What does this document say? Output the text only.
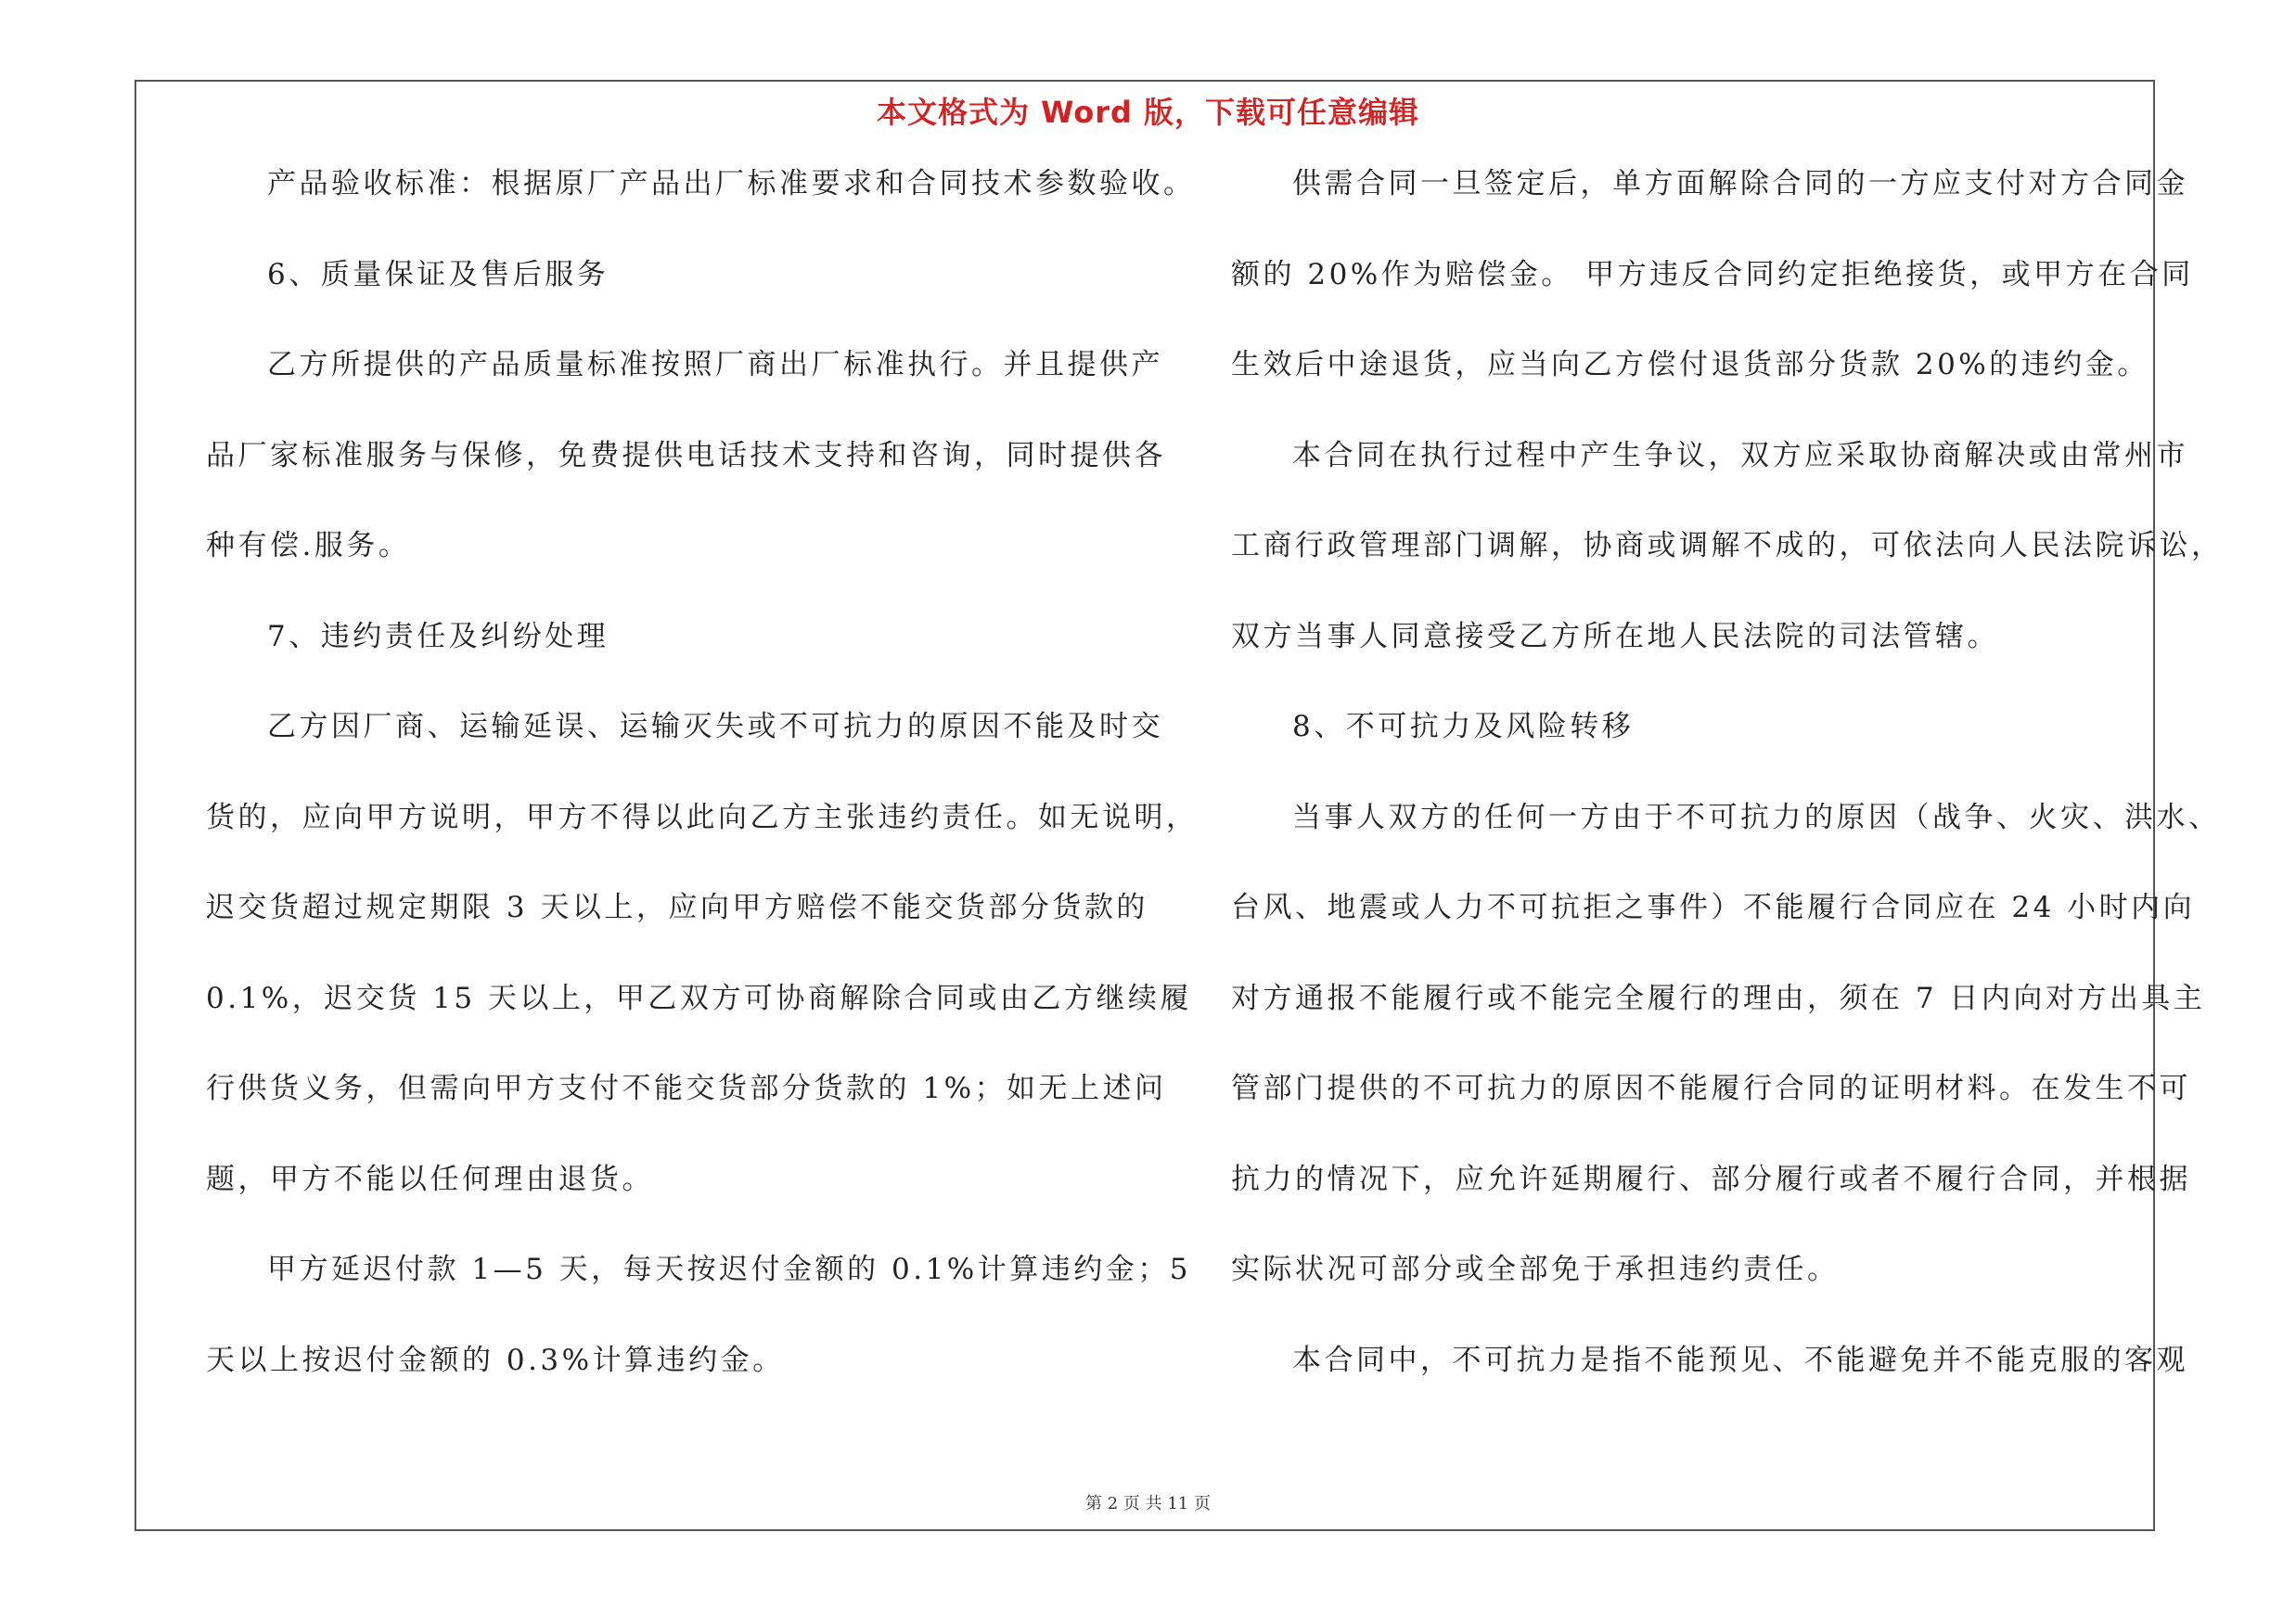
本文格式为 Word 版，下载可任意编辑
产品验收标准：根据原厂产品出厂标准要求和合同技术参数验收。
6、质量保证及售后服务
乙方所提供的产品质量标准按照厂商出厂标准执行。并且提供产
品厂家标准服务与保修，免费提供电话技术支持和咨询，同时提供各
种有偿.服务。
7、违约责任及纠纷处理
乙方因厂商、运输延误、运输灭失或不可抗力的原因不能及时交
货的，应向甲方说明，甲方不得以此向乙方主张违约责任。如无说明，
迟交货超过规定期限 3 天以上，应向甲方赔偿不能交货部分货款的
0.1%，迟交货 15 天以上，甲乙双方可协商解除合同或由乙方继续履
行供货义务，但需向甲方支付不能交货部分货款的 1%；如无上述问
题，甲方不能以任何理由退货。
甲方延迟付款 1—5 天，每天按迟付金额的 0.1%计算违约金；5
天以上按迟付金额的 0.3%计算违约金。
供需合同一旦签定后，单方面解除合同的一方应支付对方合同金
额的 20%作为赔偿金。 甲方违反合同约定拒绝接货，或甲方在合同
生效后中途退货，应当向乙方偿付退货部分货款 20%的违约金。
本合同在执行过程中产生争议，双方应采取协商解决或由常州市
工商行政管理部门调解，协商或调解不成的，可依法向人民法院诉讼，
双方当事人同意接受乙方所在地人民法院的司法管辖。
8、不可抗力及风险转移
当事人双方的任何一方由于不可抗力的原因（战争、火灾、洪水、
台风、地震或人力不可抗拒之事件）不能履行合同应在 24 小时内向
对方通报不能履行或不能完全履行的理由，须在 7 日内向对方出具主
管部门提供的不可抗力的原因不能履行合同的证明材料。在发生不可
抗力的情况下，应允许延期履行、部分履行或者不履行合同，并根据
实际状况可部分或全部免于承担违约责任。
本合同中，不可抗力是指不能预见、不能避免并不能克服的客观
第 2 页 共 11 页
